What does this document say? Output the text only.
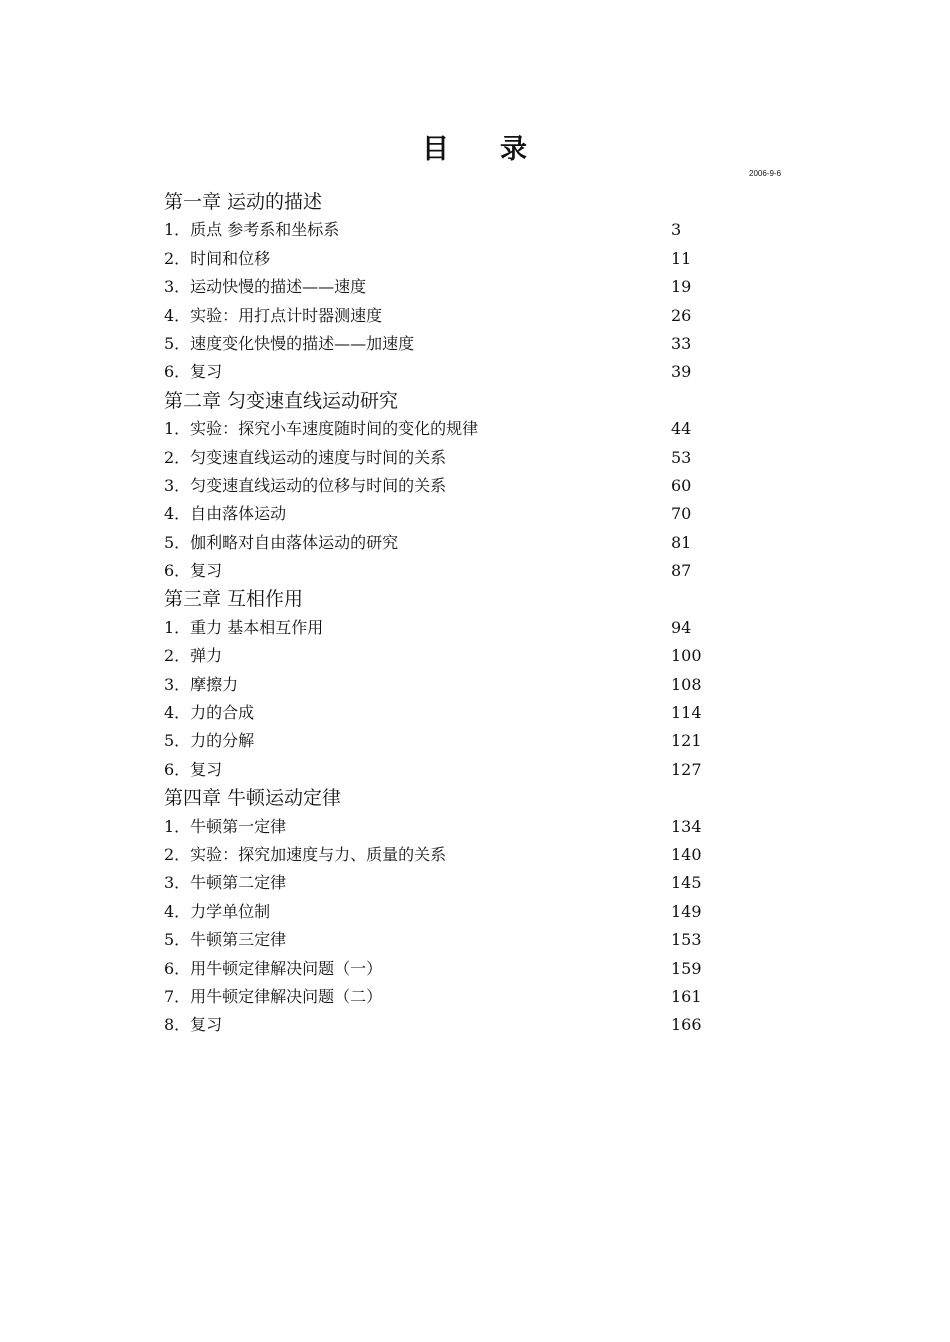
目 录
2006-9-6
第一章 运动的描述
1．质点 参考系和坐标系	3
2．时间和位移	11
3．运动快慢的描述——速度	19
4．实验：用打点计时器测速度	26
5．速度变化快慢的描述——加速度	33
6．复习	39
第二章 匀变速直线运动研究
1．实验：探究小车速度随时间的变化的规律	44
2．匀变速直线运动的速度与时间的关系	53
3．匀变速直线运动的位移与时间的关系	60
4．自由落体运动	70
5．伽利略对自由落体运动的研究	81
6．复习	87
第三章 互相作用
1．重力 基本相互作用	94
2．弹力	100
3．摩擦力	108
4．力的合成	114
5．力的分解	121
6．复习	127
第四章 牛顿运动定律
1．牛顿第一定律	134
2．实验：探究加速度与力、质量的关系	140
3．牛顿第二定律	145
4．力学单位制	149
5．牛顿第三定律	153
6．用牛顿定律解决问题（一）	159
7．用牛顿定律解决问题（二）	161
8．复习	166
